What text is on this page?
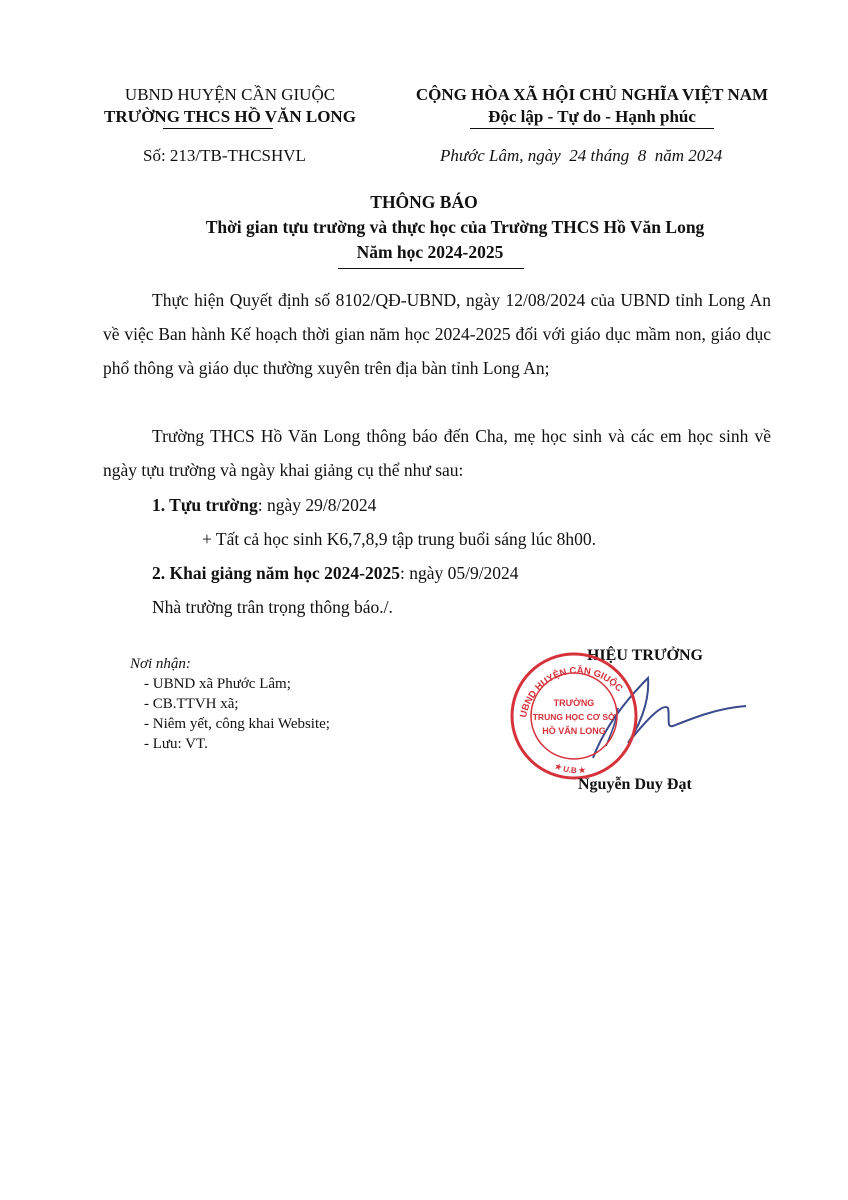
UBND HUYỆN CẦN GIUỘC
TRƯỜNG THCS HỒ VĂN LONG
CỘNG HÒA XÃ HỘI CHỦ NGHĨA VIỆT NAM
Độc lập - Tự do - Hạnh phúc
Số: 213/TB-THCSHVL	Phước Lâm, ngày  24 tháng  8  năm 2024
THÔNG BÁO
Thời gian tựu trường và thực học của Trường THCS Hồ Văn Long
Năm học 2024-2025
Thực hiện Quyết định số 8102/QĐ-UBND, ngày 12/08/2024 của UBND tỉnh Long An về việc Ban hành Kế hoạch thời gian năm học 2024-2025 đối với giáo dục mầm non, giáo dục phổ thông và giáo dục thường xuyên trên địa bàn tỉnh Long An;
Trường THCS Hồ Văn Long thông báo đến Cha, mẹ học sinh và các em học sinh về ngày tựu trường và ngày khai giảng cụ thể như sau:
1. Tựu trường: ngày 29/8/2024
+ Tất cả học sinh K6,7,8,9 tập trung buổi sáng lúc 8h00.
2. Khai giảng năm học 2024-2025: ngày 05/9/2024
Nhà trường trân trọng thông báo./.
Nơi nhận:
- UBND xã Phước Lâm;
- CB.TTVH xã;
- Niêm yết, công khai Website;
- Lưu: VT.
HIỆU TRƯỞNG
UBND HUYỆN CẦN GIUỘC
TRƯỜNG
TRUNG HỌC CƠ SỞ
HỒ VĂN LONG
★ U.B ★
Nguyễn Duy Đạt
